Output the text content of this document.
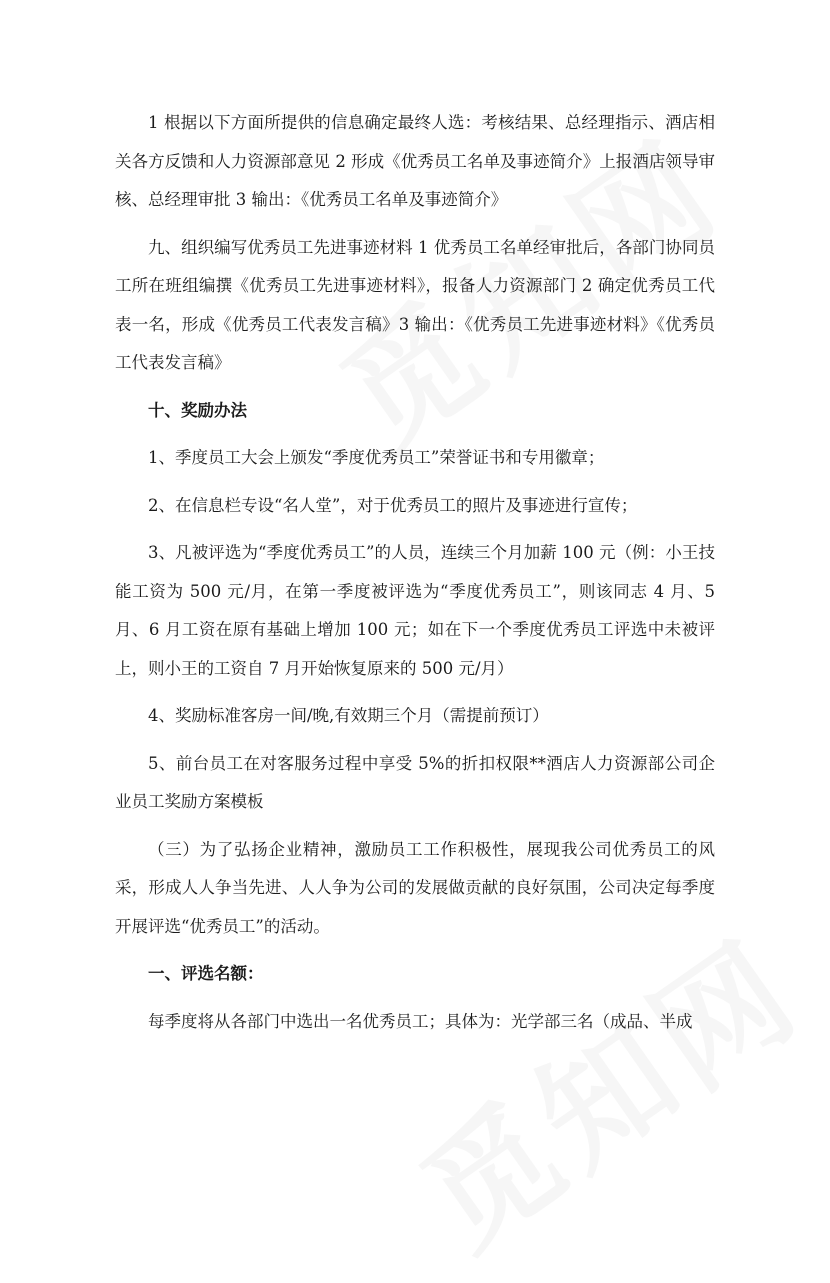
1 根据以下方面所提供的信息确定最终人选：考核结果、总经理指示、酒店相关各方反馈和人力资源部意见 2 形成《优秀员工名单及事迹简介》上报酒店领导审核、总经理审批 3 输出：《优秀员工名单及事迹简介》

九、组织编写优秀员工先进事迹材料 1 优秀员工名单经审批后，各部门协同员工所在班组编撰《优秀员工先进事迹材料》，报备人力资源部门 2 确定优秀员工代表一名，形成《优秀员工代表发言稿》3 输出：《优秀员工先进事迹材料》《优秀员工代表发言稿》

十、奖励办法

1、季度员工大会上颁发“季度优秀员工”荣誉证书和专用徽章；

2、在信息栏专设“名人堂”，对于优秀员工的照片及事迹进行宣传；

3、凡被评选为“季度优秀员工”的人员，连续三个月加薪 100 元（例：小王技能工资为 500 元/月，在第一季度被评选为“季度优秀员工”，则该同志 4 月、5 月、6 月工资在原有基础上增加 100 元；如在下一个季度优秀员工评选中未被评上，则小王的工资自 7 月开始恢复原来的 500 元/月）

4、奖励标准客房一间/晚,有效期三个月（需提前预订）

5、前台员工在对客服务过程中享受 5%的折扣权限**酒店人力资源部公司企业员工奖励方案模板

（三）为了弘扬企业精神，激励员工工作积极性，展现我公司优秀员工的风采，形成人人争当先进、人人争为公司的发展做贡献的良好氛围，公司决定每季度开展评选“优秀员工”的活动。

一、评选名额：

每季度将从各部门中选出一名优秀员工；具体为：光学部三名（成品、半成
